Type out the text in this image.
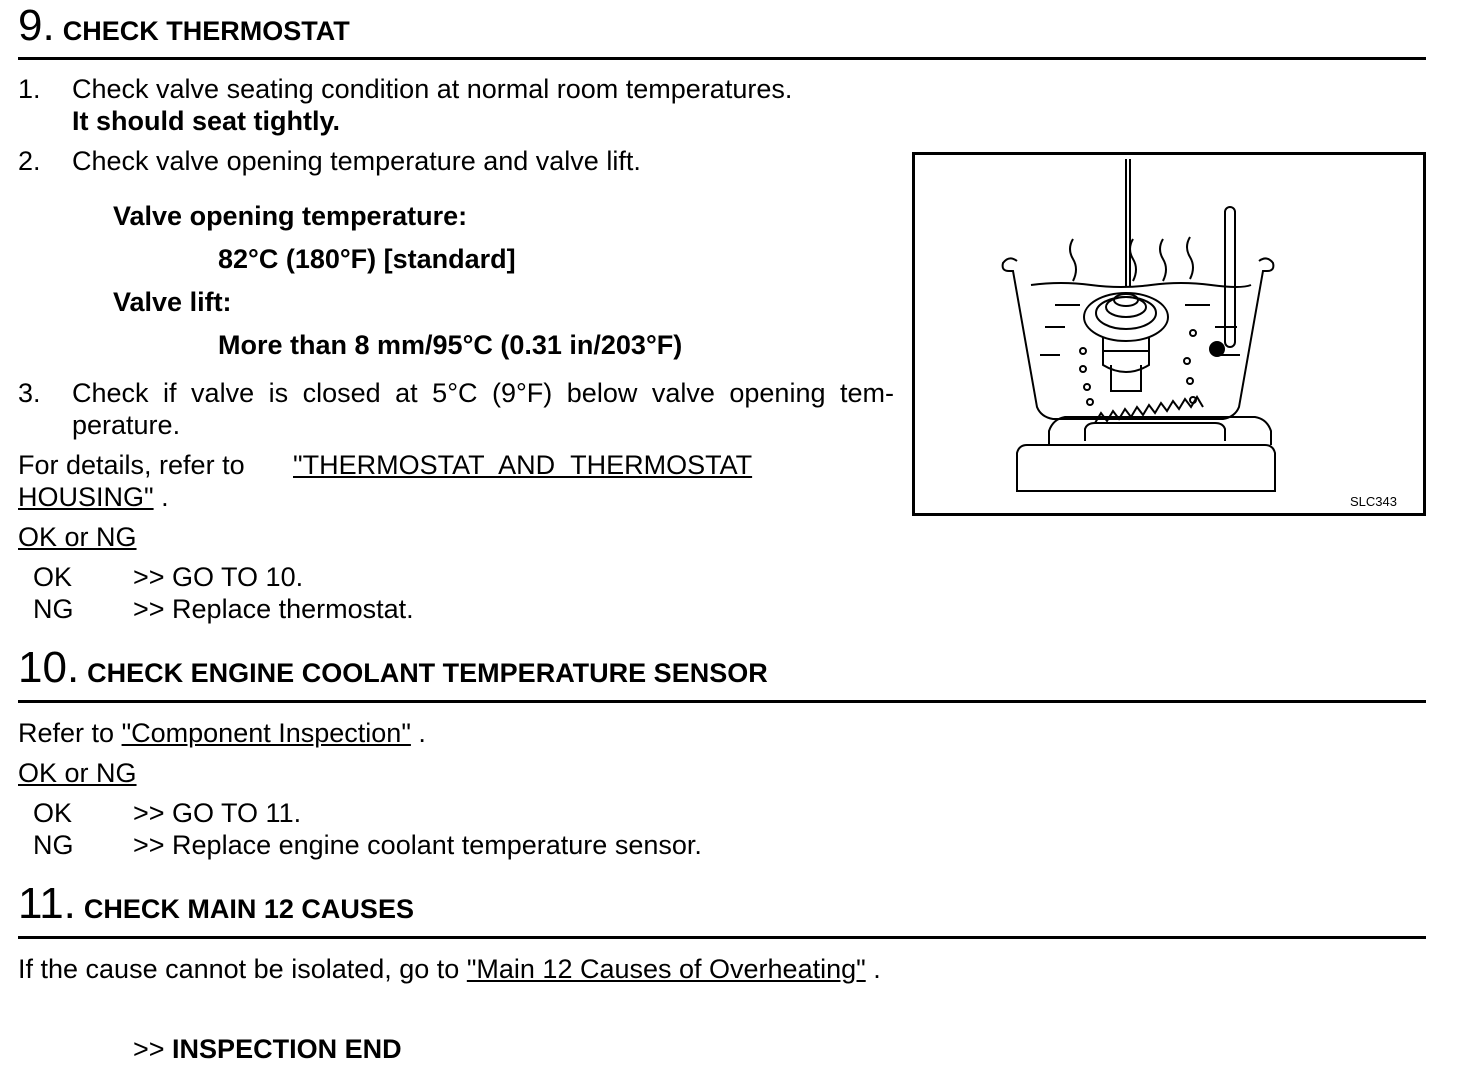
9. CHECK THERMOSTAT
1. Check valve seating condition at normal room temperatures.
It should seat tightly.
2. Check valve opening temperature and valve lift.
Valve opening temperature:
82°C (180°F) [standard]
Valve lift:
More than 8 mm/95°C (0.31 in/203°F)
3. Check if valve is closed at 5°C (9°F) below valve opening tem-
perature.
For details, refer to "THERMOSTAT AND THERMOSTAT
HOUSING" .
OK or NG
OK >> GO TO 10.
NG >> Replace thermostat.
SLC343
10. CHECK ENGINE COOLANT TEMPERATURE SENSOR
Refer to "Component Inspection" .
OK or NG
OK >> GO TO 11.
NG >> Replace engine coolant temperature sensor.
11. CHECK MAIN 12 CAUSES
If the cause cannot be isolated, go to "Main 12 Causes of Overheating" .
>> INSPECTION END
